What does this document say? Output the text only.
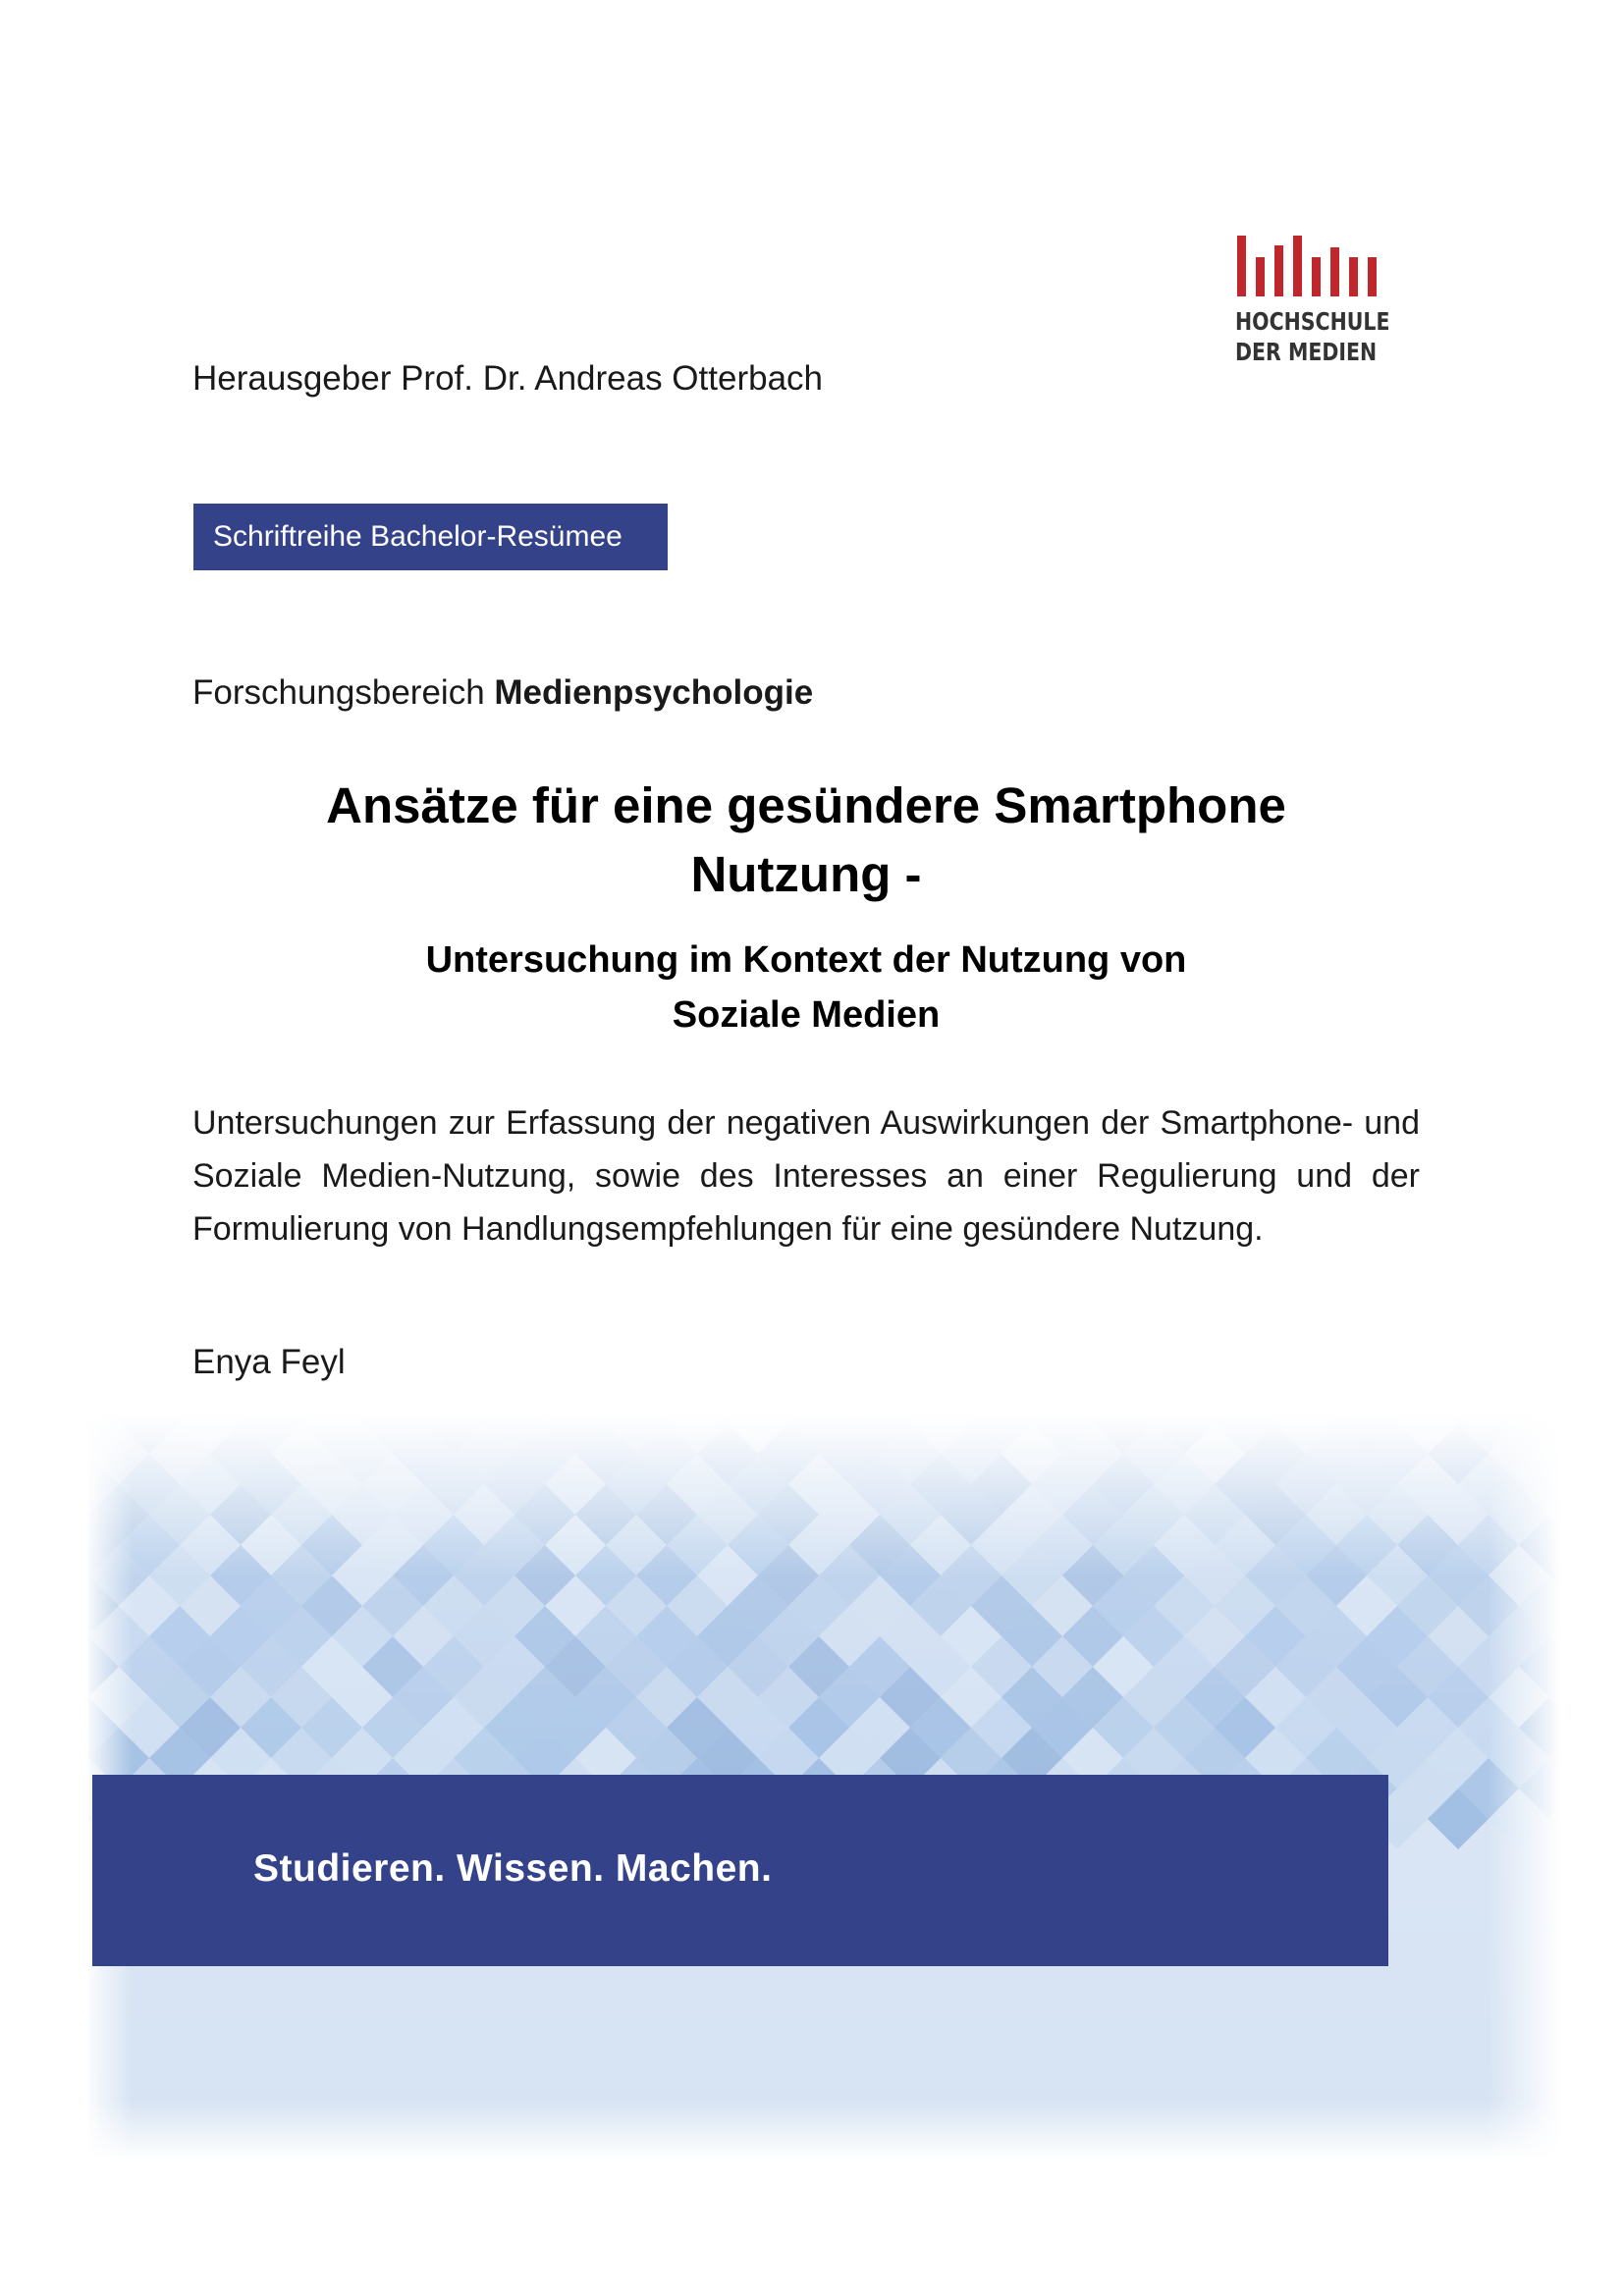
HOCHSCHULE
DER MEDIEN
Herausgeber Prof. Dr. Andreas Otterbach
Schriftreihe Bachelor-Resümee
Forschungsbereich Medienpsychologie
Ansätze für eine gesündere Smartphone
Nutzung -
Untersuchung im Kontext der Nutzung von
Soziale Medien
Untersuchungen zur Erfassung der negativen Auswirkungen der Smartphone- und Soziale Medien-Nutzung, sowie des Interesses an einer Regulierung und der Formulierung von Handlungsempfehlungen für eine gesündere Nutzung.
Enya Feyl
Studieren. Wissen. Machen.
